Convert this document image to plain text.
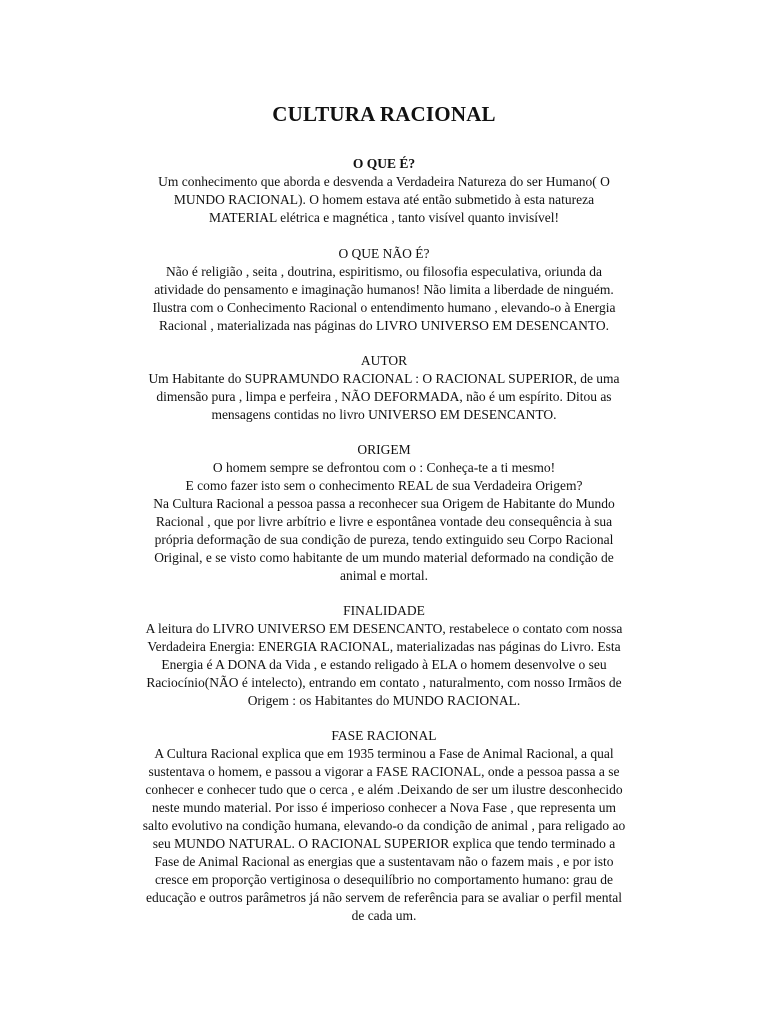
CULTURA RACIONAL
O QUE É?
Um conhecimento que aborda e desvenda a Verdadeira Natureza do ser Humano( O
MUNDO RACIONAL). O homem estava até então submetido à esta natureza
MATERIAL elétrica e magnética , tanto visível quanto invisível!
O QUE NÃO É?
Não é religião , seita , doutrina, espiritismo, ou filosofia especulativa, oriunda da
atividade do pensamento e imaginação humanos! Não limita a liberdade de ninguém.
Ilustra com o Conhecimento Racional o entendimento humano , elevando-o à Energia
Racional , materializada nas páginas do LIVRO UNIVERSO EM DESENCANTO.
AUTOR
Um Habitante do SUPRAMUNDO RACIONAL : O RACIONAL SUPERIOR, de uma
dimensão pura , limpa e perfeira , NÃO DEFORMADA, não é um espírito. Ditou as
mensagens contidas no livro UNIVERSO EM DESENCANTO.
ORIGEM
O homem sempre se defrontou com o : Conheça-te a ti mesmo!
E como fazer isto sem o conhecimento REAL de sua Verdadeira Origem?
Na Cultura Racional a pessoa passa a reconhecer sua Origem de Habitante do Mundo
Racional , que por livre arbítrio e livre e espontânea vontade deu consequência à sua
própria deformação de sua condição de pureza, tendo extinguido seu Corpo Racional
Original, e se visto como habitante de um mundo material deformado na condição de
animal e mortal.
FINALIDADE
A leitura do LIVRO UNIVERSO EM DESENCANTO, restabelece o contato com nossa
Verdadeira Energia: ENERGIA RACIONAL, materializadas nas páginas do Livro. Esta
Energia é A DONA da Vida , e estando religado à ELA o homem desenvolve o seu
Raciocínio(NÃO é intelecto), entrando em contato , naturalmento, com nosso Irmãos de
Origem : os Habitantes do MUNDO RACIONAL.
FASE RACIONAL
A Cultura Racional explica que em 1935 terminou a Fase de Animal Racional, a qual
sustentava o homem, e passou a vigorar a FASE RACIONAL, onde a pessoa passa a se
conhecer e conhecer tudo que o cerca , e além .Deixando de ser um ilustre desconhecido
neste mundo material. Por isso é imperioso conhecer a Nova Fase , que representa um
salto evolutivo na condição humana, elevando-o da condição de animal , para religado ao
seu MUNDO NATURAL. O RACIONAL SUPERIOR explica que tendo terminado a
Fase de Animal Racional as energias que a sustentavam não o fazem mais , e por isto
cresce em proporção vertiginosa o desequilíbrio no comportamento humano: grau de
educação e outros parâmetros já não servem de referência para se avaliar o perfil mental
de cada um.
